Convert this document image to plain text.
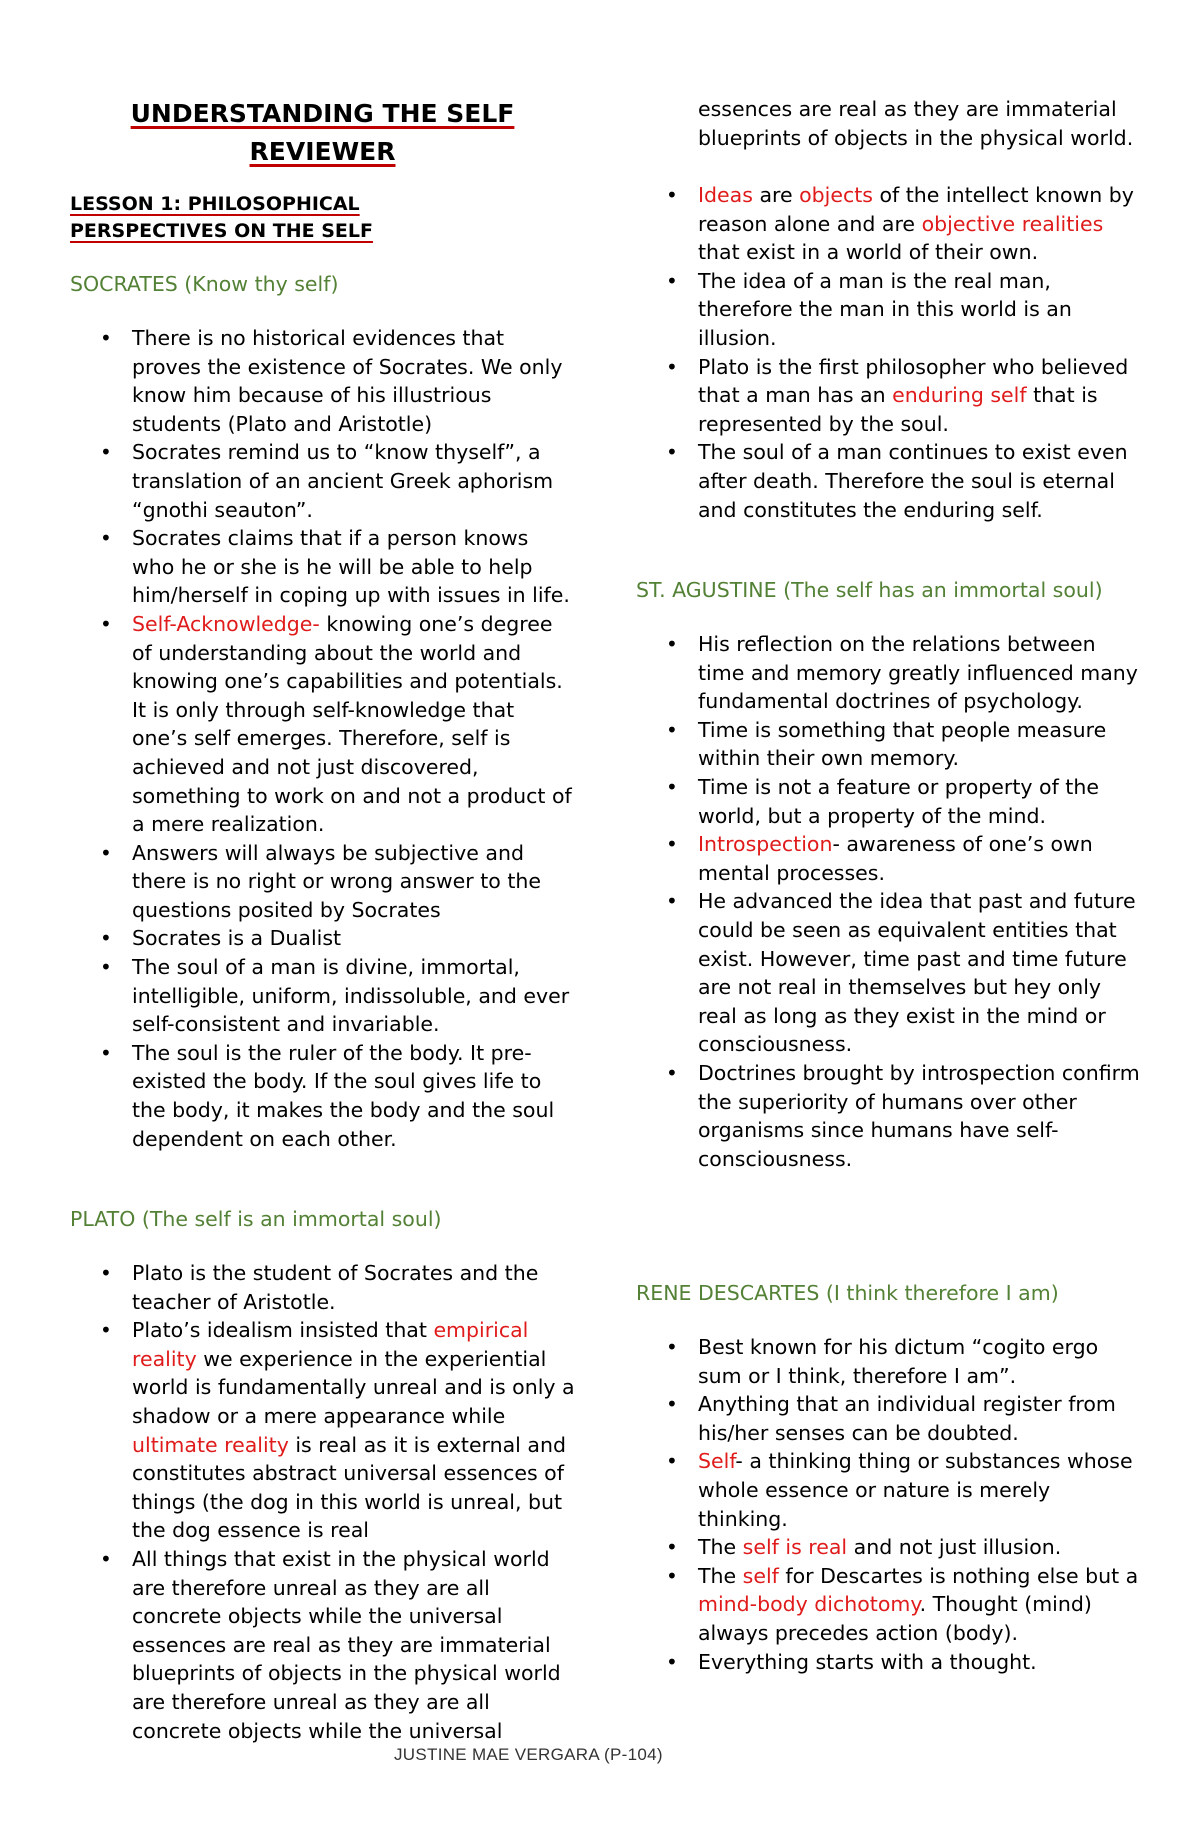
UNDERSTANDING THE SELF
REVIEWER
LESSON 1: PHILOSOPHICAL
PERSPECTIVES ON THE SELF

SOCRATES (Know thy self)

• There is no historical evidences that proves the existence of Socrates. We only know him because of his illustrious students (Plato and Aristotle)
• Socrates remind us to “know thyself”, a translation of an ancient Greek aphorism “gnothi seauton”.
• Socrates claims that if a person knows who he or she is he will be able to help him/herself in coping up with issues in life.
• Self-Acknowledge- knowing one’s degree of understanding about the world and knowing one’s capabilities and potentials. It is only through self-knowledge that one’s self emerges. Therefore, self is achieved and not just discovered, something to work on and not a product of a mere realization.
• Answers will always be subjective and there is no right or wrong answer to the questions posited by Socrates
• Socrates is a Dualist
• The soul of a man is divine, immortal, intelligible, uniform, indissoluble, and ever self-consistent and invariable.
• The soul is the ruler of the body. It pre-existed the body. If the soul gives life to the body, it makes the body and the soul dependent on each other.

PLATO (The self is an immortal soul)

• Plato is the student of Socrates and the teacher of Aristotle.
• Plato’s idealism insisted that empirical reality we experience in the experiential world is fundamentally unreal and is only a shadow or a mere appearance while ultimate reality is real as it is external and constitutes abstract universal essences of things (the dog in this world is unreal, but the dog essence is real
• All things that exist in the physical world are therefore unreal as they are all concrete objects while the universal essences are real as they are immaterial blueprints of objects in the physical world are therefore unreal as they are all concrete objects while the universal

essences are real as they are immaterial blueprints of objects in the physical world.

• Ideas are objects of the intellect known by reason alone and are objective realities that exist in a world of their own.
• The idea of a man is the real man, therefore the man in this world is an illusion.
• Plato is the first philosopher who believed that a man has an enduring self that is represented by the soul.
• The soul of a man continues to exist even after death. Therefore the soul is eternal and constitutes the enduring self.

ST. AGUSTINE (The self has an immortal soul)

• His reflection on the relations between time and memory greatly influenced many fundamental doctrines of psychology.
• Time is something that people measure within their own memory.
• Time is not a feature or property of the world, but a property of the mind.
• Introspection- awareness of one’s own mental processes.
• He advanced the idea that past and future could be seen as equivalent entities that exist. However, time past and time future are not real in themselves but hey only real as long as they exist in the mind or consciousness.
• Doctrines brought by introspection confirm the superiority of humans over other organisms since humans have self-consciousness.

RENE DESCARTES (I think therefore I am)

• Best known for his dictum “cogito ergo sum or I think, therefore I am”.
• Anything that an individual register from his/her senses can be doubted.
• Self- a thinking thing or substances whose whole essence or nature is merely thinking.
• The self is real and not just illusion.
• The self for Descartes is nothing else but a mind-body dichotomy. Thought (mind) always precedes action (body).
• Everything starts with a thought.
JUSTINE MAE VERGARA (P-104)
